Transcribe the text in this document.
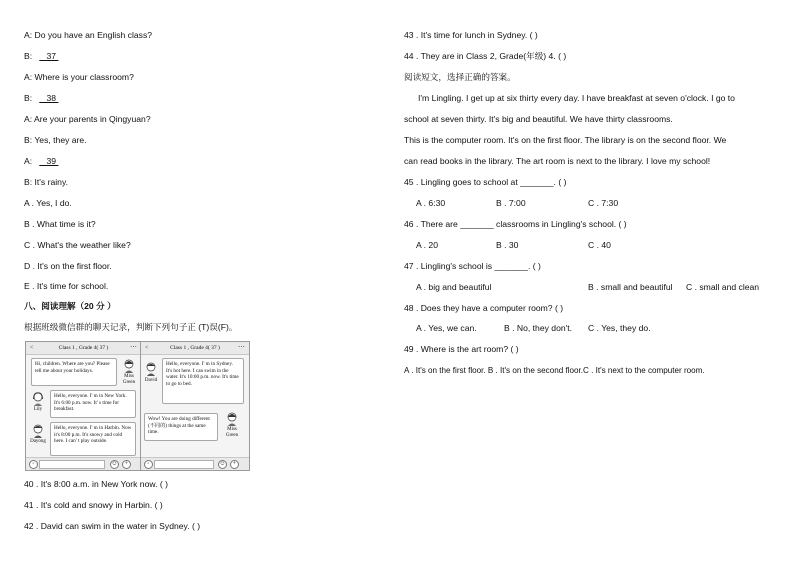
A: Do you have an English class?
B:      37
A: Where is your classroom?
B:      38
A: Are your parents in Qingyuan?
B: Yes, they are.
A:      39
B: It's rainy.
A . Yes, I do.
B . What time is it?
C . What's the weather like?
D . It's on the first floor.
E . It's time for school.
八、阅读理解（20 分 ）
根据班级微信群的聊天记录，判断下列句子正 (T)误(F)。
40 . It's 8:00 a.m. in New York now. ( )
41 . It's cold and snowy in Harbin. ( )
42 . David can swim in the water in Sydney. ( )
<	Class 1 , Grade 4( 37 )	···
Hi, children. Where are you? Please tell me about your holidays.
Miss Green
Lily
Hello, everyone. I' m in New York. It's 6:00 p.m. now. It' s time for breakfast.
Dayong
Hello, everyone. I' m in Harbin. Now it's 8:00 p.m. It's snowy and cold here. I can' t play outside.
◦	☺	+
<	Class 1 , Grade 4( 37 )	···
David
Hello, everyone. I' m in Sydney. It's hot here. I can swim in the water. It's 10:00 p.m. now. It's time to go to bed.
Wow! You are doing different (不同的) things at the same time.	Miss Green
◦	☺	+
43 . It's time for lunch in Sydney. ( )
44 . They are in Class 2, Grade(年级) 4. ( )
阅读短文，选择正确的答案。
I'm Lingling. I get up at six thirty every day. I have breakfast at seven o'clock. I go to
school at seven thirty. It's big and beautiful. We have thirty classrooms.
This is the computer room. It's on the first floor. The library is on the second floor. We
can read books in the library. The art room is next to the library. I love my school!
45 . Lingling goes to school at _______. ( )
A . 6:30	B . 7:00	C . 7:30
46 . There are _______ classrooms in Lingling's school. ( )
A . 20	B . 30	C . 40
47 . Lingling's school is _______. ( )
A . big and beautiful	B . small and beautiful C . small and clean
48 . Does they have a computer room? ( )
A . Yes, we can.	B . No, they don't. C . Yes, they do.
49 . Where is the art room? ( )
A . It's on the first floor. B . It's on the second floor.C . It's next to the computer room.
